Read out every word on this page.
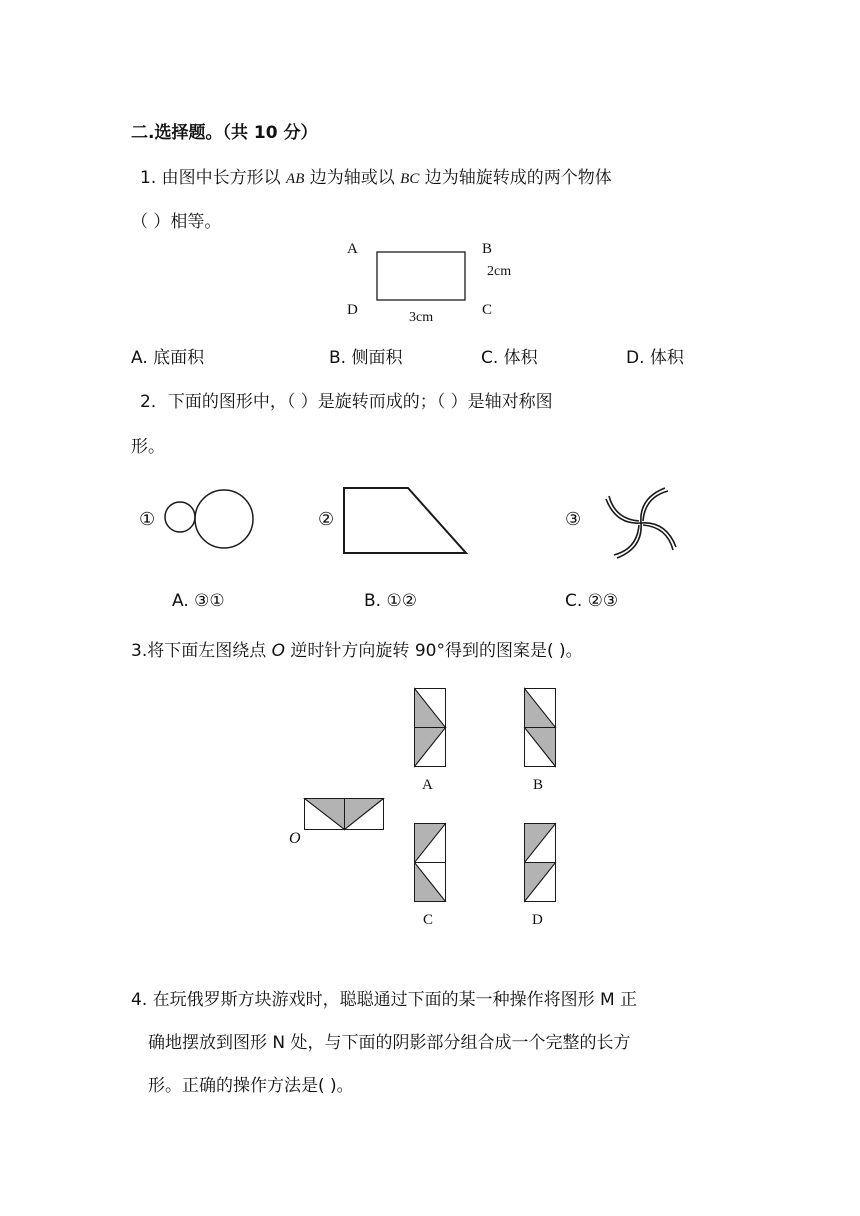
二.选择题。（共 10 分）
1. 由图中长方形以 AB 边为轴或以 BC 边为轴旋转成的两个物体
（ ）相等。
A	B
2cm
D	C
3cm
A. 底面积	B. 侧面积	C. 体积	D. 体积
2．下面的图形中，（ ）是旋转而成的；（ ）是轴对称图
形。
①	②	③
A. ③①	B. ①②	C. ②③
3.将下面左图绕点 O 逆时针方向旋转 90°得到的图案是( )。
O
A	B
C	D
4. 在玩俄罗斯方块游戏时，聪聪通过下面的某一种操作将图形 M 正
确地摆放到图形 N 处，与下面的阴影部分组合成一个完整的长方
形。正确的操作方法是( )。
